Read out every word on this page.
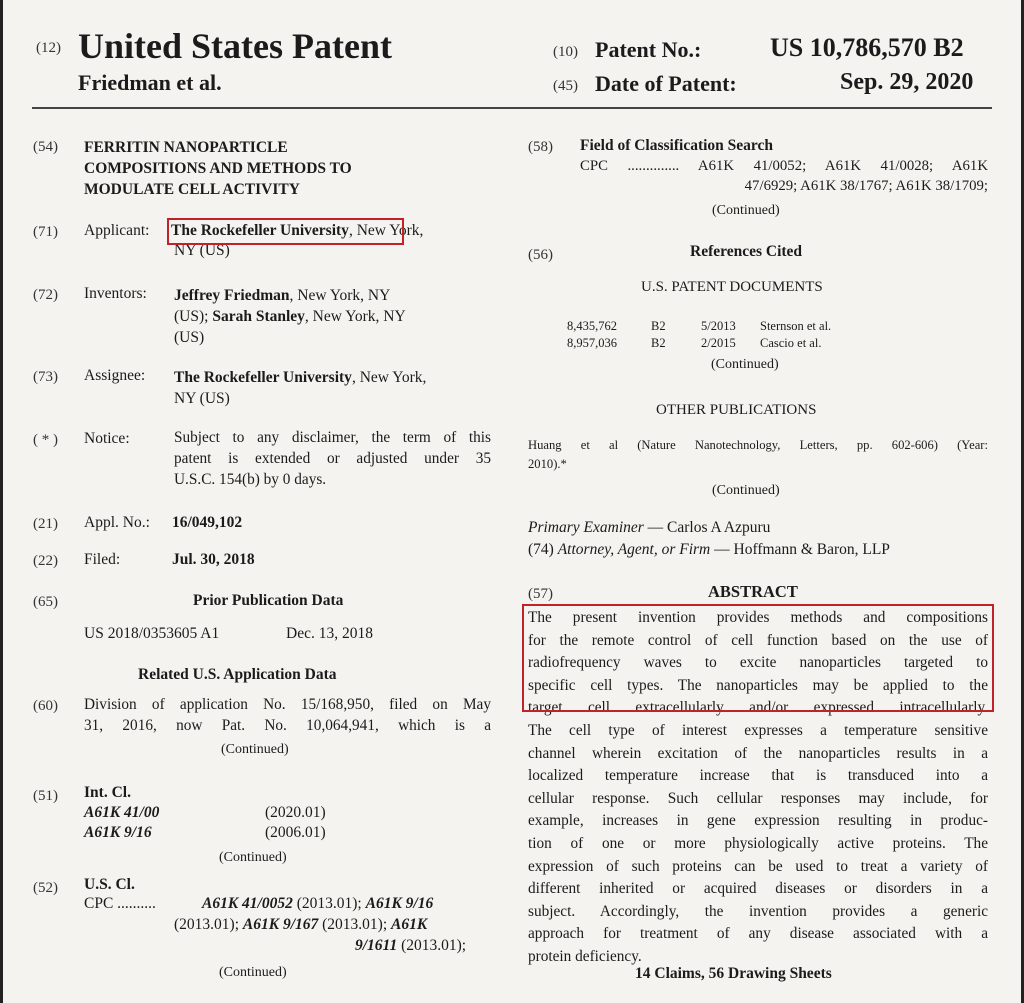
(12) United States Patent
Friedman et al.
(10) Patent No.:	US 10,786,570 B2
(45) Date of Patent:	Sep. 29, 2020
(54) FERRITIN NANOPARTICLE
COMPOSITIONS AND METHODS TO
MODULATE CELL ACTIVITY
(71) Applicant: The Rockefeller University, New York,
NY (US)
(72) Inventors: Jeffrey Friedman, New York, NY
(US); Sarah Stanley, New York, NY
(US)
(73) Assignee: The Rockefeller University, New York,
NY (US)
( * ) Notice:	Subject to any disclaimer, the term of this
patent is extended or adjusted under 35
U.S.C. 154(b) by 0 days.
(21) Appl. No.: 16/049,102
(22) Filed:	Jul. 30, 2018
(65)	Prior Publication Data
US 2018/0353605 A1	Dec. 13, 2018
Related U.S. Application Data
(60) Division of application No. 15/168,950, filed on May
31, 2016, now Pat. No. 10,064,941, which is a
(Continued)
(51) Int. Cl.
A61K 41/00	(2020.01)
A61K 9/16	(2006.01)
(Continued)
(52) U.S. Cl.
CPC ..........	A61K 41/0052 (2013.01); A61K 9/16
(2013.01); A61K 9/167 (2013.01); A61K
9/1611 (2013.01);
(Continued)
(58) Field of Classification Search
CPC .............. A61K 41/0052; A61K 41/0028; A61K
47/6929; A61K 38/1767; A61K 38/1709;
(Continued)
(56)	References Cited
U.S. PATENT DOCUMENTS
8,435,762	B2	5/2013 Sternson et al.
8,957,036	B2	2/2015 Cascio et al.
(Continued)
OTHER PUBLICATIONS
Huang et al (Nature Nanotechnology, Letters, pp. 602-606) (Year:
2010).*
(Continued)
Primary Examiner — Carlos A Azpuru
(74) Attorney, Agent, or Firm — Hoffmann & Baron, LLP
(57)	ABSTRACT
The present invention provides methods and compositions
for the remote control of cell function based on the use of
radiofrequency waves to excite nanoparticles targeted to
specific cell types. The nanoparticles may be applied to the
target cell extracellularly and/or expressed intracellularly.
The cell type of interest expresses a temperature sensitive
channel wherein excitation of the nanoparticles results in a
localized temperature increase that is transduced into a
cellular response. Such cellular responses may include, for
example, increases in gene expression resulting in produc-
tion of one or more physiologically active proteins. The
expression of such proteins can be used to treat a variety of
different inherited or acquired diseases or disorders in a
subject. Accordingly, the invention provides a generic
approach for treatment of any disease associated with a
protein deficiency.
14 Claims, 56 Drawing Sheets
